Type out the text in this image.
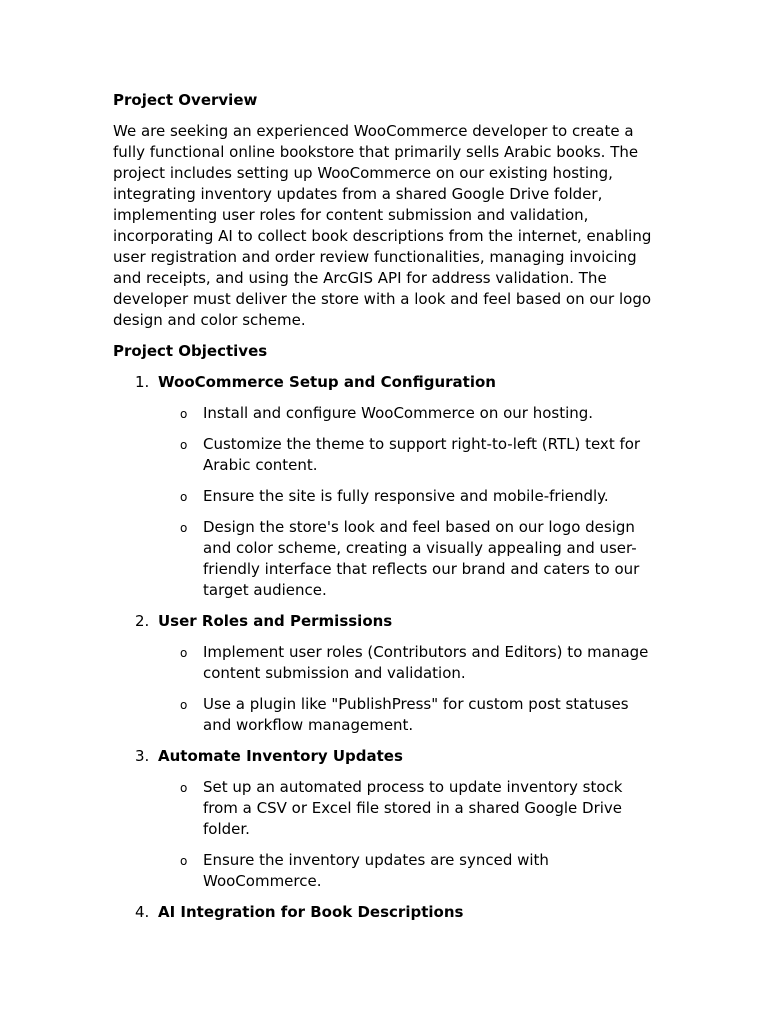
Project Overview
We are seeking an experienced WooCommerce developer to create a fully functional online bookstore that primarily sells Arabic books. The project includes setting up WooCommerce on our existing hosting, integrating inventory updates from a shared Google Drive folder, implementing user roles for content submission and validation, incorporating AI to collect book descriptions from the internet, enabling user registration and order review functionalities, managing invoicing and receipts, and using the ArcGIS API for address validation. The developer must deliver the store with a look and feel based on our logo design and color scheme.
Project Objectives
1. WooCommerce Setup and Configuration
o Install and configure WooCommerce on our hosting.
o Customize the theme to support right-to-left (RTL) text for Arabic content.
o Ensure the site is fully responsive and mobile-friendly.
o Design the store's look and feel based on our logo design and color scheme, creating a visually appealing and user-friendly interface that reflects our brand and caters to our target audience.
2. User Roles and Permissions
o Implement user roles (Contributors and Editors) to manage content submission and validation.
o Use a plugin like "PublishPress" for custom post statuses and workflow management.
3. Automate Inventory Updates
o Set up an automated process to update inventory stock from a CSV or Excel file stored in a shared Google Drive folder.
o Ensure the inventory updates are synced with WooCommerce.
4. AI Integration for Book Descriptions
